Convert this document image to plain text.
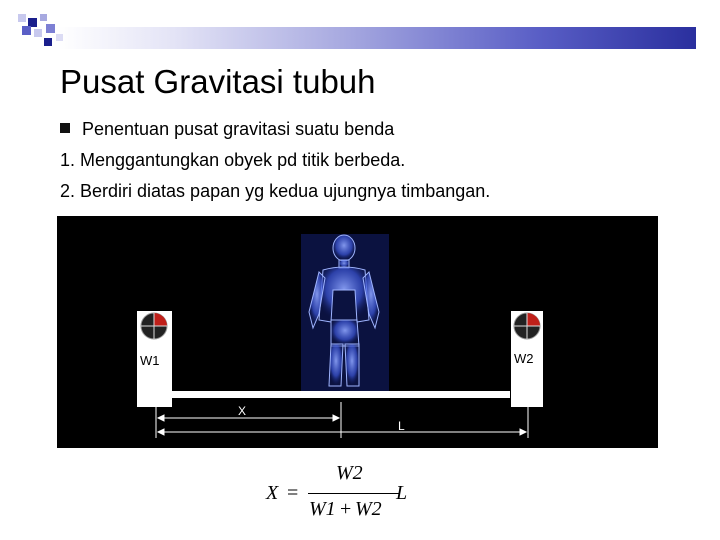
Pusat Gravitasi tubuh
Penentuan pusat gravitasi suatu benda
1. Menggantungkan obyek pd titik berbeda.
2. Berdiri diatas papan yg kedua ujungnya timbangan.
W1	W2
X
L
X =
W2
W1 + W2
L
